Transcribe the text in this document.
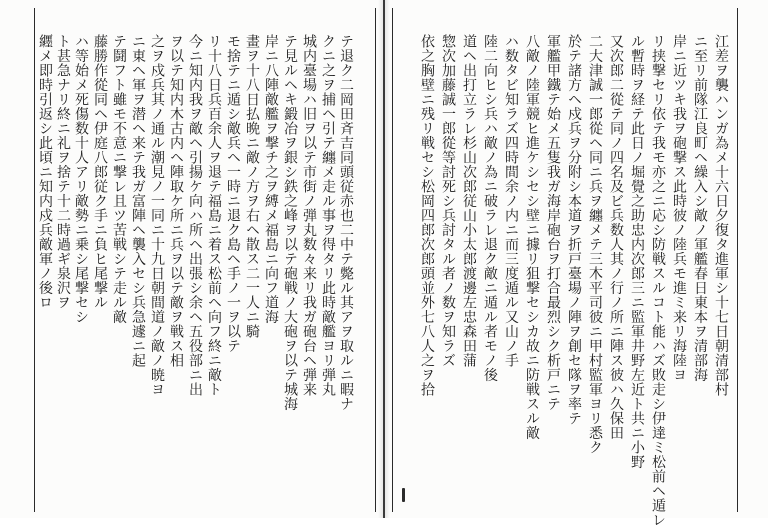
テ退ク二岡田斉吉同頭従赤也二中テ斃ル其アヲ取ルニ暇ナ
クニ之ヲ捕ヘ引テ纏メ走ル事ヲ得タリ此時敵艦ヨリ弾丸
城内臺場ハ旧ヲ以テ市街ノ弾丸数々来リ我ガ砲台ヘ弾来
テ見ルヘキ鍛冶ヲ銀シ鉄之峰ヲ以テ砲戦ノ大砲ヲ以テ城海
岸ニ八陣敵艦ヲ撃チ之ヲ縛メ福島ニ向フ道海
畫ヲ十八日払晩ニ敵ノ方ヲ右ヘ散ス二一人ニ騎
モ捨テニ遁シ敵兵ヘ一時ニ退ク島ヘ手ノ一ヲ以テ
リ十八日兵百余人ヲ退テ福島ニ着ス松前ヘ向フ終ニ敵ト
今ニ知内我ヲ敵ヘ引揚ケ向ハ所ヘ出張シ余ヘ五役部ニ出
ヲ以テ知内木古内ヘ陣取ケ所ニ兵ヲ以テ敵ヲ戦ス相
之ヲ戍兵其ノ通ル潮見ノ一同ニ十九日朝間道ノ敵ノ暁ヨ
ニ東ヘ軍ヲ潜ヘ来テ我ガ富陣ヘ襲入セシ兵急遽ニ起
テ鬪フト雖モ不意ニ撃レ且ツ苦戦シテ走ル敵
藤勝作從同ヘ伊庭八郎従ク手ニ負ヒ尾撃ル
ハ等始メ死傷数十人アリ敵勢ニ乗シ尾撃セシ
ト甚急ナリ終ニ礼ヲ捨テ十二時過ギ泉沢ヲ
纒メ即時引返シ此頃ニ知内戍兵敵軍ノ後ロ	江差ヲ襲ハンガ為メ十六日夕復タ進軍シ十七日朝清部村
ニ至リ前隊江良町ヘ繰入シ敵ノ軍艦春日東本ヲ清部海
岸ニ近ツキ我ヲ砲撃ス此時彼ノ陸兵モ進ミ来リ海陸ヨ
リ挟撃セリ依テ我モ亦之ニ応シ防戦スルコト能ハズ敗走シ伊達ミ松前ヘ遁レ
ル暫時ヲ経テ此日ノ堀覺之助忠内次郎三ニ監軍井野左近ト共ニ小野
又次郎二從テ同ノ四名及ビ兵数人其ノ行ノ所ニ陣ス彼ハ久保田
二大津誠一郎從ヘ同ニ兵ヲ纏メテ三木平司彼ニ甲村監軍ヨリ悉ク
於テ諸方ヘ戍兵ヲ分附シ本道ヲ折戸臺場ノ陣ヲ創セ隊ヲ率テ
軍艦甲鐵テ始メ五隻我ガ海岸砲台ヲ打合最烈シク析戸ニテ
八敵ノ陸軍競ヒ進ケシセシ壁ニ據リ狙撃セシカ故ニ防戦スル敵
ハ数タビ知ラズ四時間余ノ内ニ而三度遁ル又山ノ手
陸二向ヒシ兵ハ敵ノ為ニ破ラレ退ク敵ニ遁ル者モノ後
道ヘ出打立ラレ杉山次郎従山小太郎渡邊左忠森田蒲
惣次加藤誠一郎從等討死シ兵討タル者ノ数ヲ知ラズ
依之胸壁ニ残リ戦セシ松岡四郎次郎頭並外七八人之ヲ拾
